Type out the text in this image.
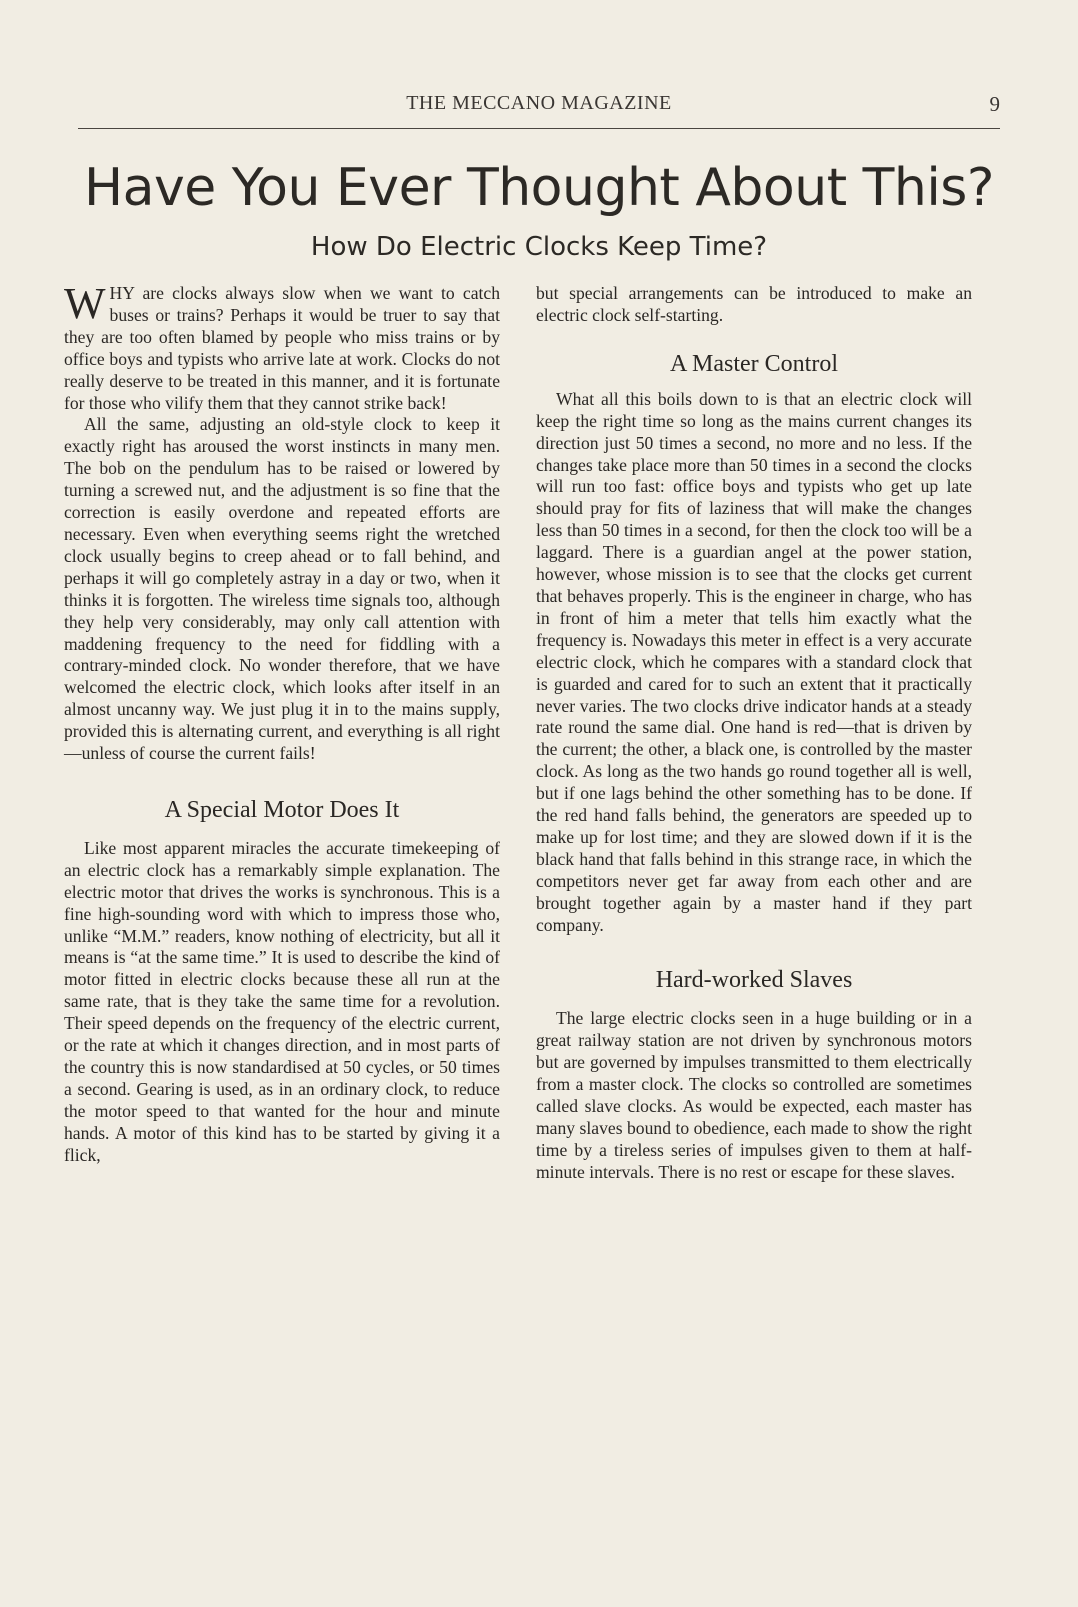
THE MECCANO MAGAZINE	9
Have You Ever Thought About This?
How Do Electric Clocks Keep Time?

WHY are clocks always slow when we want to catch buses or trains? Perhaps it would be truer to say that they are too often blamed by people who miss trains or by office boys and typists who arrive late at work. Clocks do not really deserve to be treated in this manner, and it is fortunate for those who vilify them that they cannot strike back!

All the same, adjusting an old-style clock to keep it exactly right has aroused the worst instincts in many men. The bob on the pendulum has to be raised or lowered by turning a screwed nut, and the adjustment is so fine that the correction is easily overdone and repeated efforts are necessary. Even when everything seems right the wretched clock usually begins to creep ahead or to fall behind, and perhaps it will go completely astray in a day or two, when it thinks it is forgotten. The wireless time signals too, although they help very considerably, may only call attention with maddening frequency to the need for fiddling with a contrary-minded clock. No wonder therefore, that we have welcomed the electric clock, which looks after itself in an almost uncanny way. We just plug it in to the mains supply, provided this is alternating current, and everything is all right—unless of course the current fails!

A Special Motor Does It

Like most apparent miracles the accurate timekeeping of an electric clock has a remarkably simple explanation. The electric motor that drives the works is synchronous. This is a fine high-sounding word with which to impress those who, unlike “M.M.” readers, know nothing of electricity, but all it means is “at the same time.” It is used to describe the kind of motor fitted in electric clocks because these all run at the same rate, that is they take the same time for a revolution. Their speed depends on the frequency of the electric current, or the rate at which it changes direction, and in most parts of the country this is now standardised at 50 cycles, or 50 times a second. Gearing is used, as in an ordinary clock, to reduce the motor speed to that wanted for the hour and minute hands. A motor of this kind has to be started by giving it a flick,

but special arrangements can be introduced to make an electric clock self-starting.

A Master Control

What all this boils down to is that an electric clock will keep the right time so long as the mains current changes its direction just 50 times a second, no more and no less. If the changes take place more than 50 times in a second the clocks will run too fast: office boys and typists who get up late should pray for fits of laziness that will make the changes less than 50 times in a second, for then the clock too will be a laggard. There is a guardian angel at the power station, however, whose mission is to see that the clocks get current that behaves properly. This is the engineer in charge, who has in front of him a meter that tells him exactly what the frequency is. Nowadays this meter in effect is a very accurate electric clock, which he compares with a standard clock that is guarded and cared for to such an extent that it practically never varies. The two clocks drive indicator hands at a steady rate round the same dial. One hand is red—that is driven by the current; the other, a black one, is controlled by the master clock. As long as the two hands go round together all is well, but if one lags behind the other something has to be done. If the red hand falls behind, the generators are speeded up to make up for lost time; and they are slowed down if it is the black hand that falls behind in this strange race, in which the competitors never get far away from each other and are brought together again by a master hand if they part company.

Hard-worked Slaves

The large electric clocks seen in a huge building or in a great railway station are not driven by synchronous motors but are governed by impulses transmitted to them electrically from a master clock. The clocks so controlled are sometimes called slave clocks. As would be expected, each master has many slaves bound to obedience, each made to show the right time by a tireless series of impulses given to them at half-minute intervals. There is no rest or escape for these slaves.
